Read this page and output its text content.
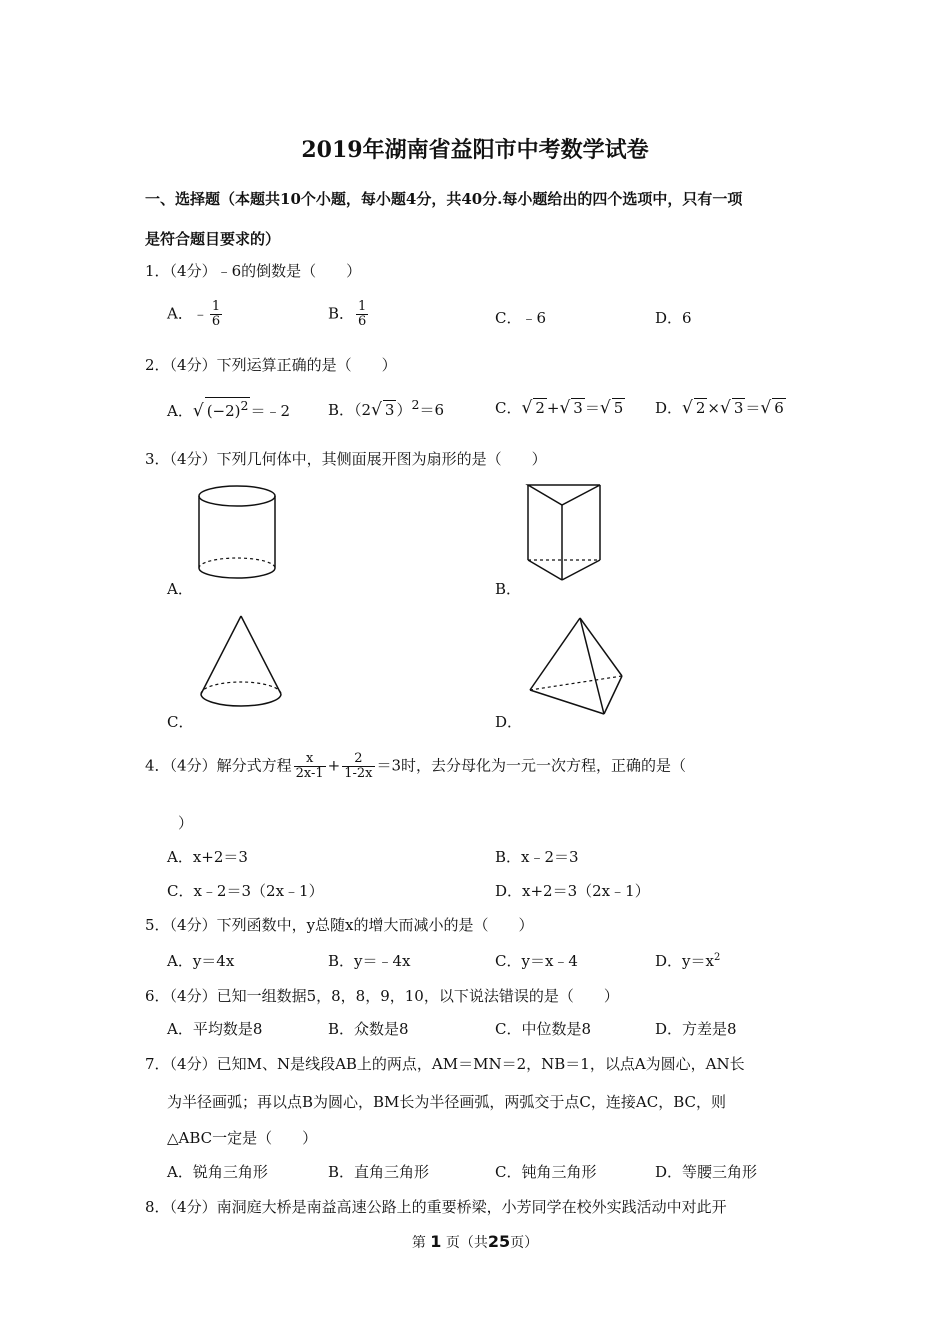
2019年湖南省益阳市中考数学试卷
一、选择题（本题共10个小题，每小题4分，共40分.每小题给出的四个选项中，只有一项
是符合题目要求的）
1．（4分）﹣6的倒数是（　　）
A．﹣ $\frac{1}{6}$	B． $\frac{1}{6}$	C．﹣6	D．6
2．（4分）下列运算正确的是（　　）
A．√ $(-2)^2$ ＝﹣2	B．（2√ 3 ）$^2$＝6	C．√ 2 +√ 3 ＝√ 5 D．√ 2 ×√ 3 ＝√ 6
3．（4分）下列几何体中，其侧面展开图为扇形的是（　　）
A．	B．
C．	D．
4．（4分）解分式方程 $\frac{x}{2x-1} + \frac{2}{1-2x} =3$时，去分母化为一元一次方程，正确的是（
）
A．x+2＝3	B．x﹣2＝3
C．x﹣2＝3（2x﹣1）	D．x+2＝3（2x﹣1）
5．（4分）下列函数中，y总随x的增大而减小的是（　　）
A．y＝4x	B．y＝﹣4x	C．y＝x﹣4	D．$y=x^2$
6．（4分）已知一组数据5，8，8，9，10，以下说法错误的是（　　）
A．平均数是8	B．众数是8	C．中位数是8	D．方差是8
7．（4分）已知M、N是线段AB上的两点，AM＝MN＝2，NB＝1，以点A为圆心，AN长
为半径画弧；再以点B为圆心，BM长为半径画弧，两弧交于点C，连接AC，BC，则
△ABC一定是（　　）
A．锐角三角形	B．直角三角形	C．钝角三角形	D．等腰三角形
8．（4分）南洞庭大桥是南益高速公路上的重要桥梁，小芳同学在校外实践活动中对此开
第 1 页（共25页）
